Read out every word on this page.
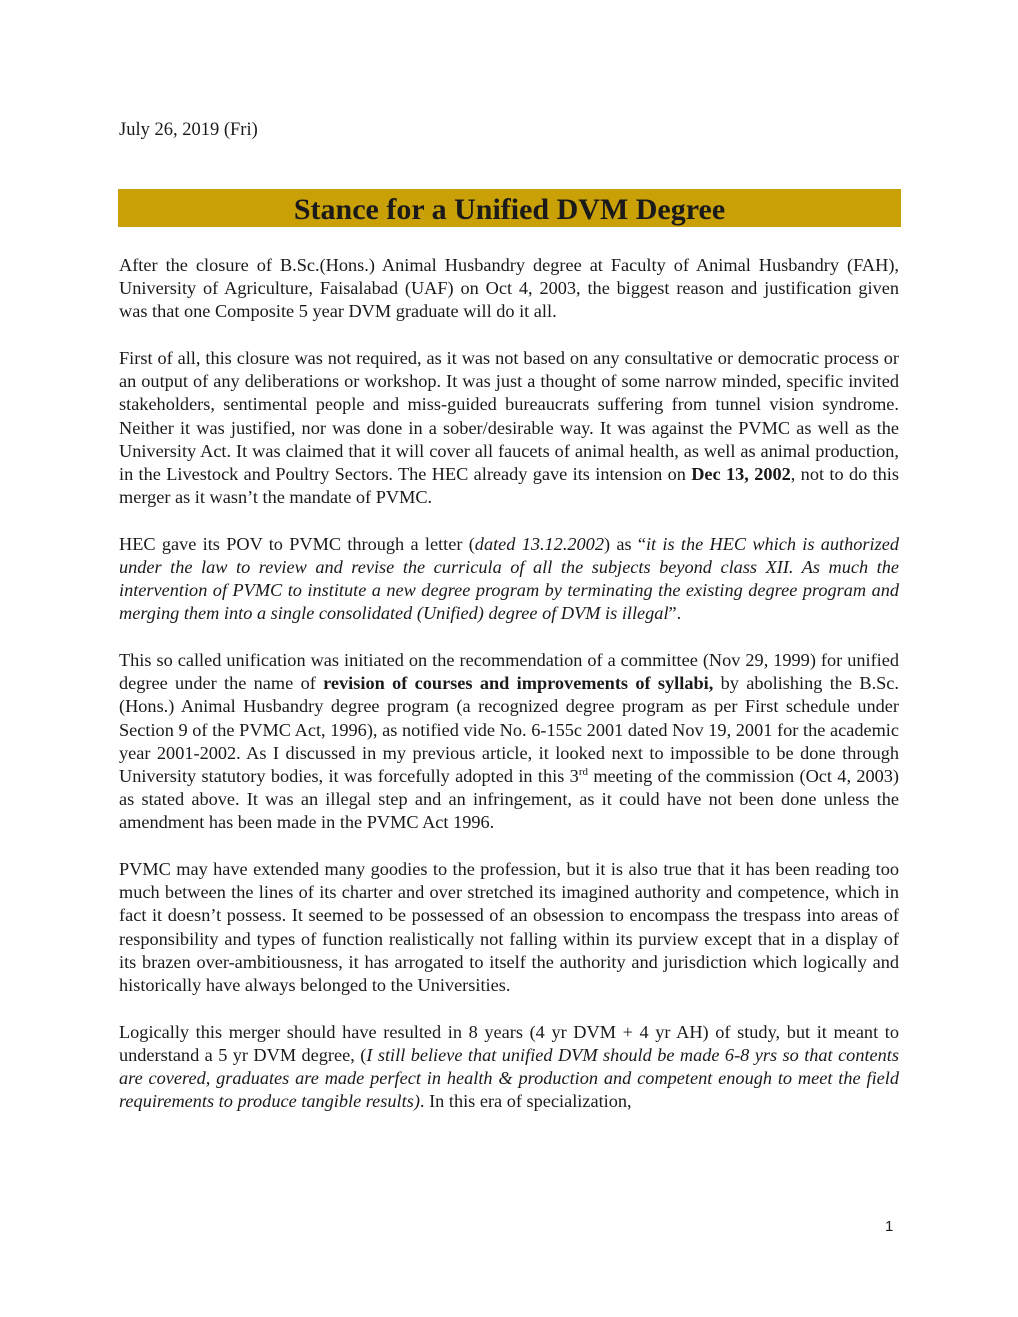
July 26, 2019 (Fri)
Stance for a Unified DVM Degree

After the closure of B.Sc.(Hons.) Animal Husbandry degree at Faculty of Animal Husbandry (FAH), University of Agriculture, Faisalabad (UAF) on Oct 4, 2003, the biggest reason and justification given was that one Composite 5 year DVM graduate will do it all.

First of all, this closure was not required, as it was not based on any consultative or democratic process or an output of any deliberations or workshop. It was just a thought of some narrow minded, specific invited stakeholders, sentimental people and miss-guided bureaucrats suffering from tunnel vision syndrome. Neither it was justified, nor was done in a sober/desirable way. It was against the PVMC as well as the University Act. It was claimed that it will cover all faucets of animal health, as well as animal production, in the Livestock and Poultry Sectors. The HEC already gave its intension on Dec 13, 2002, not to do this merger as it wasn’t the mandate of PVMC.

HEC gave its POV to PVMC through a letter (dated 13.12.2002) as “it is the HEC which is authorized under the law to review and revise the curricula of all the subjects beyond class XII. As much the intervention of PVMC to institute a new degree program by terminating the existing degree program and merging them into a single consolidated (Unified) degree of DVM is illegal”.

This so called unification was initiated on the recommendation of a committee (Nov 29, 1999) for unified degree under the name of revision of courses and improvements of syllabi, by abolishing the B.Sc.(Hons.) Animal Husbandry degree program (a recognized degree program as per First schedule under Section 9 of the PVMC Act, 1996), as notified vide No. 6-155c 2001 dated Nov 19, 2001 for the academic year 2001-2002. As I discussed in my previous article, it looked next to impossible to be done through University statutory bodies, it was forcefully adopted in this 3rd meeting of the commission (Oct 4, 2003) as stated above. It was an illegal step and an infringement, as it could have not been done unless the amendment has been made in the PVMC Act 1996.

PVMC may have extended many goodies to the profession, but it is also true that it has been reading too much between the lines of its charter and over stretched its imagined authority and competence, which in fact it doesn’t possess. It seemed to be possessed of an obsession to encompass the trespass into areas of responsibility and types of function realistically not falling within its purview except that in a display of its brazen over-ambitiousness, it has arrogated to itself the authority and jurisdiction which logically and historically have always belonged to the Universities.

Logically this merger should have resulted in 8 years (4 yr DVM + 4 yr AH) of study, but it meant to understand a 5 yr DVM degree, (I still believe that unified DVM should be made 6-8 yrs so that contents are covered, graduates are made perfect in health & production and competent enough to meet the field requirements to produce tangible results). In this era of specialization,

1
